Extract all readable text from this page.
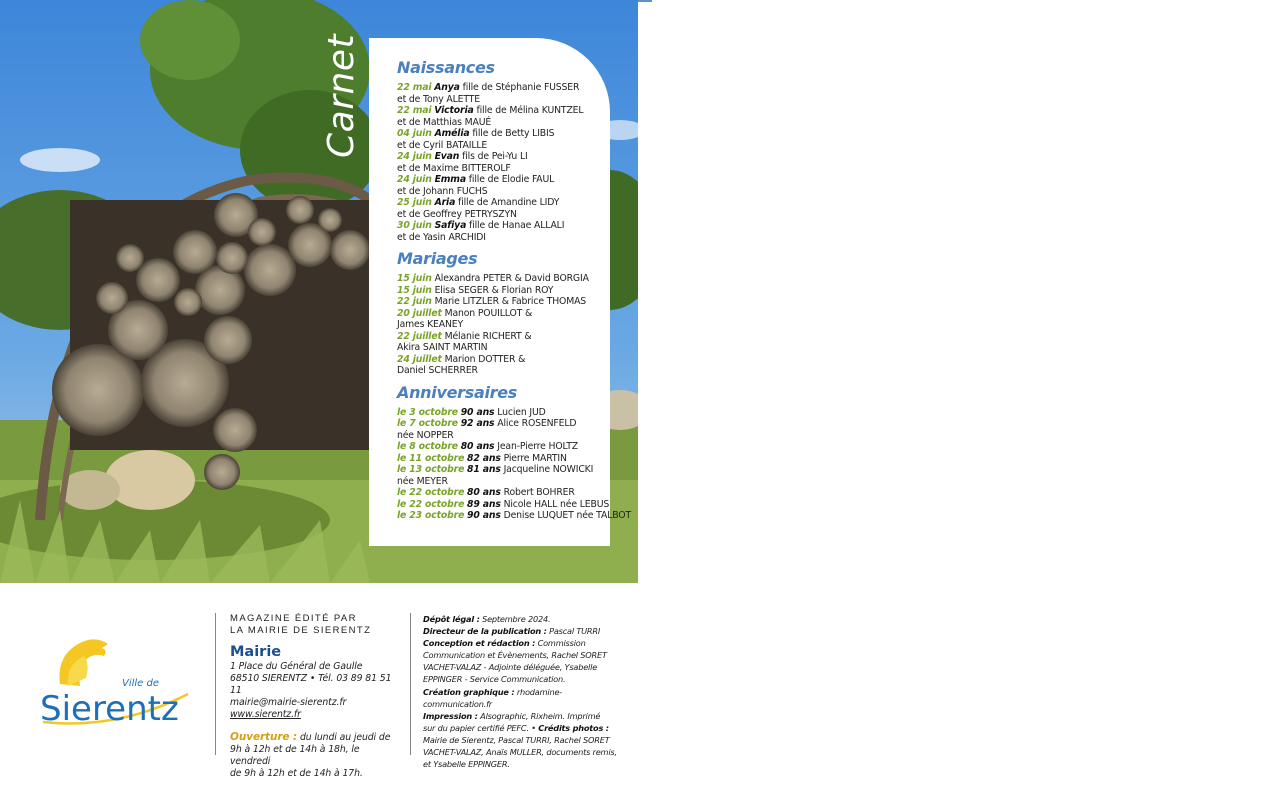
Carnet Naissances
22 mai Anya fille de Stéphanie FUSSER
et de Tony ALETTE
22 mai Victoria fille de Mélina KUNTZEL
et de Matthias MAUÉ
04 juin Amélia fille de Betty LIBIS
et de Cyril BATAILLE
24 juin Evan fils de Pei-Yu LI
et de Maxime BITTEROLF
24 juin Emma fille de Elodie FAUL
et de Johann FUCHS
25 juin Aria fille de Amandine LIDY
et de Geoffrey PETRYSZYN
30 juin Safiya fille de Hanae ALLALI
et de Yasin ARCHIDI
Mariages
15 juin Alexandra PETER & David BORGIA
15 juin Elisa SEGER & Florian ROY
22 juin Marie LITZLER & Fabrice THOMAS
20 juillet Manon POUILLOT &
James KEANEY
22 juillet Mélanie RICHERT &
Akira SAINT MARTIN
24 juillet Marion DOTTER &
Daniel SCHERRER
Anniversaires
le 3 octobre 90 ans Lucien JUD
le 7 octobre 92 ans Alice ROSENFELD
née NOPPER
le 8 octobre 80 ans Jean-Pierre HOLTZ
le 11 octobre 82 ans Pierre MARTIN
le 13 octobre 81 ans Jacqueline NOWICKI
née MEYER
le 22 octobre 80 ans Robert BOHRER
le 22 octobre 89 ans Nicole HALL née LEBUS
le 23 octobre 90 ans Denise LUQUET née TALBOT
Ville de
Sierentz
MAGAZINE ÉDITÉ PAR
LA MAIRIE DE SIERENTZ
Mairie
1 Place du Général de Gaulle
68510 SIERENTZ • Tél. 03 89 81 51 11
mairie@mairie-sierentz.fr
www.sierentz.fr
Ouverture : du lundi au jeudi de
9h à 12h et de 14h à 18h, le vendredi
de 9h à 12h et de 14h à 17h.
Dépôt légal : Septembre 2024.
Directeur de la publication : Pascal TURRI
Conception et rédaction : Commission
Communication et Évènements, Rachel SORET
VACHET-VALAZ - Adjointe déléguée, Ysabelle
EPPINGER - Service Communication.
Création graphique : rhodamine-communication.fr
Impression : Alsographic, Rixheim. Imprimé
sur du papier certifié PEFC. • Crédits photos :
Mairie de Sierentz, Pascal TURRI, Rachel SORET
VACHET-VALAZ, Anaïs MULLER, documents remis,
et Ysabelle EPPINGER.
